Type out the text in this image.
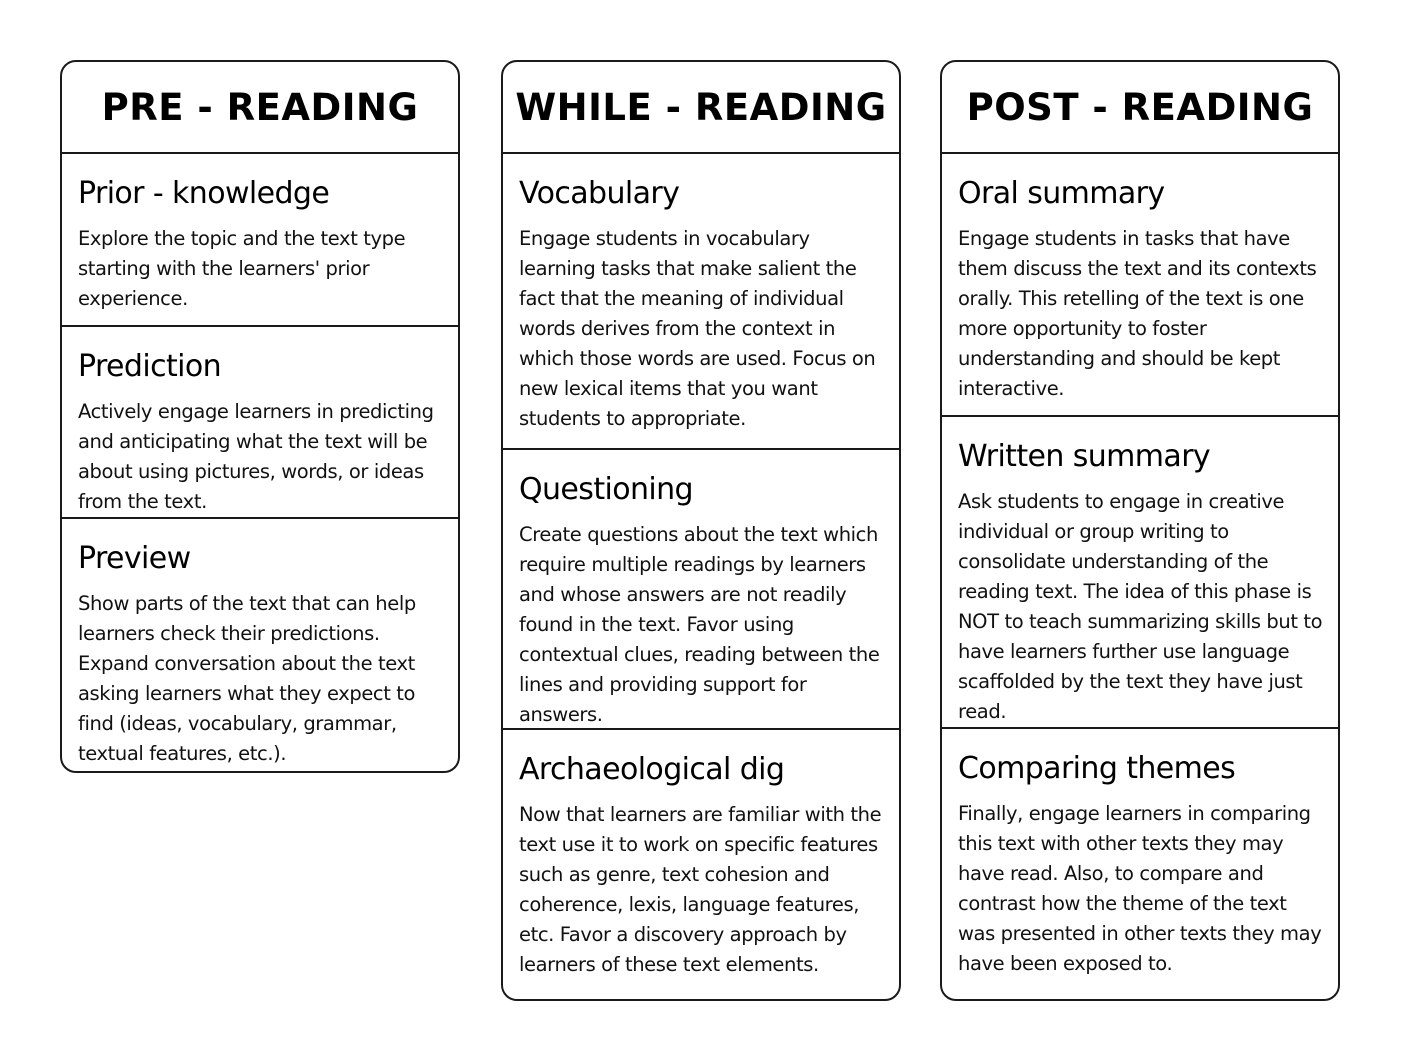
PRE - READING
Prior - knowledge

Explore the topic and the text type starting with the learners' prior experience.

Prediction

Actively engage learners in predicting and anticipating what the text will be about using pictures, words, or ideas from the text.

Preview

Show parts of the text that can help learners check their predictions. Expand conversation about the text asking learners what they expect to find (ideas, vocabulary, grammar, textual features, etc.).

WHILE - READING
Vocabulary

Engage students in vocabulary learning tasks that make salient the fact that the meaning of individual words derives from the context in which those words are used. Focus on new lexical items that you want students to appropriate.

Questioning

Create questions about the text which require multiple readings by learners and whose answers are not readily found in the text. Favor using contextual clues, reading between the lines and providing support for answers.

Archaeological dig

Now that learners are familiar with the text use it to work on specific features such as genre, text cohesion and coherence, lexis, language features, etc. Favor a discovery approach by learners of these text elements.

POST - READING
Oral summary

Engage students in tasks that have them discuss the text and its contexts orally. This retelling of the text is one more opportunity to foster understanding and should be kept interactive.

Written summary

Ask students to engage in creative individual or group writing to consolidate understanding of the reading text. The idea of this phase is NOT to teach summarizing skills but to have learners further use language scaffolded by the text they have just read.

Comparing themes

Finally, engage learners in comparing this text with other texts they may have read. Also, to compare and contrast how the theme of the text was presented in other texts they may have been exposed to.
